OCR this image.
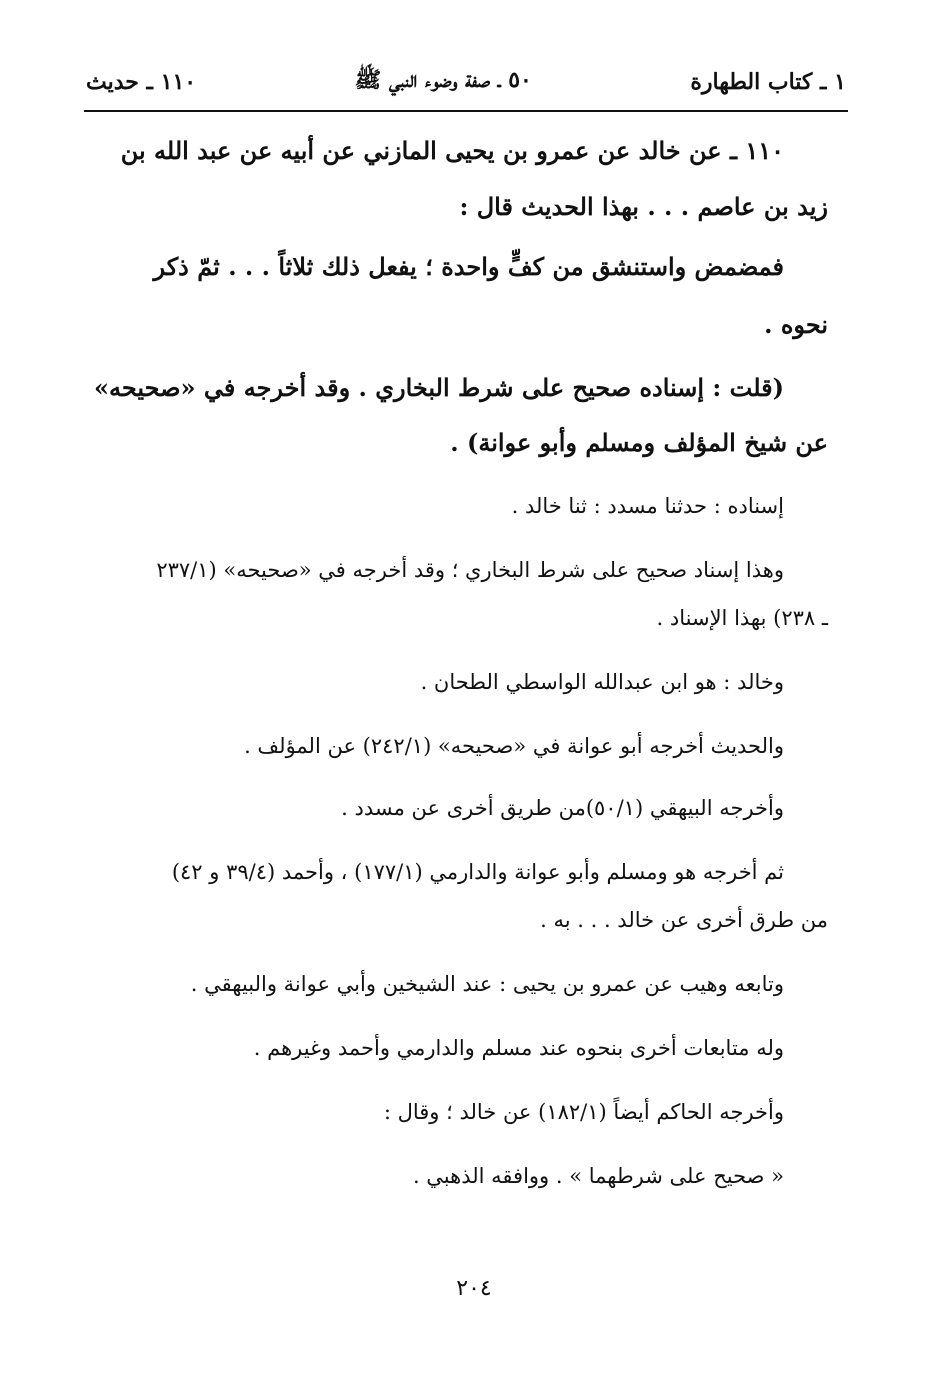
١ ـ كتاب الطهارة
٥٠ ـ صفة وضوء النبي ﷺ
١١٠ ـ حديث
١١٠ ـ عن خالد عن عمرو بن يحيى المازني عن أبيه عن عبد الله بن
زيد بن عاصم . . . بهذا الحديث قال :
فمضمض واستنشق من كفٍّ واحدة ؛ يفعل ذلك ثلاثاً . . . ثمّ ذكر
نحوه .
(قلت : إسناده صحيح على شرط البخاري . وقد أخرجه في «صحيحه»
عن شيخ المؤلف ومسلم وأبو عوانة) .
إسناده : حدثنا مسدد : ثنا خالد .
وهذا إسناد صحيح على شرط البخاري ؛ وقد أخرجه في «صحيحه» (٢٣٧/١
ـ ٢٣٨) بهذا الإسناد .
وخالد : هو ابن عبدالله الواسطي الطحان .
والحديث أخرجه أبو عوانة في «صحيحه» (٢٤٢/١) عن المؤلف .
وأخرجه البيهقي (٥٠/١)من طريق أخرى عن مسدد .
ثم أخرجه هو ومسلم وأبو عوانة والدارمي (١٧٧/١) ، وأحمد (٣٩/٤ و ٤٢)
من طرق أخرى عن خالد . . . به .
وتابعه وهيب عن عمرو بن يحيى : عند الشيخين وأبي عوانة والبيهقي .
وله متابعات أخرى بنحوه عند مسلم والدارمي وأحمد وغيرهم .
وأخرجه الحاكم أيضاً (١٨٢/١) عن خالد ؛ وقال :
« صحيح على شرطهما » . ووافقه الذهبي .
٢٠٤
